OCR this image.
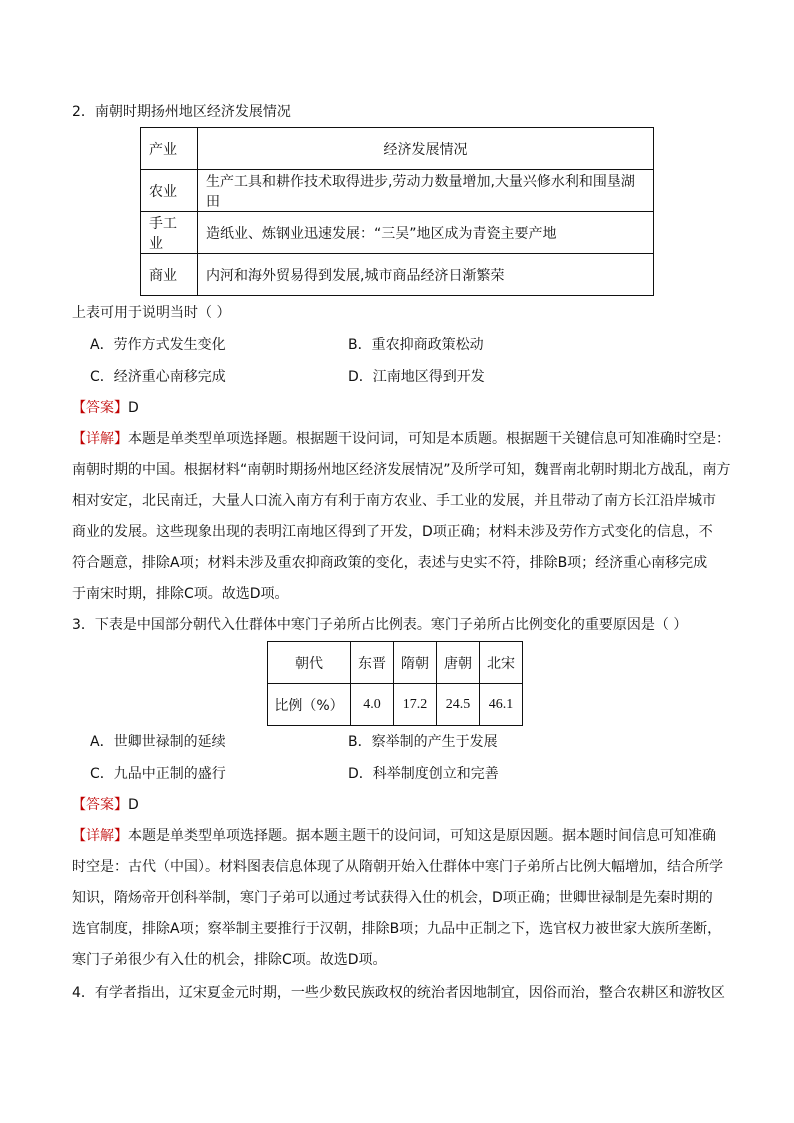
2．南朝时期扬州地区经济发展情况
产业	经济发展情况
农业	生产工具和耕作技术取得进步,劳动力数量增加,大量兴修水利和围垦湖田
手工业	造纸业、炼钢业迅速发展：“三吴”地区成为青瓷主要产地
商业	内河和海外贸易得到发展,城市商品经济日渐繁荣
上表可用于说明当时（ ）
A．劳作方式发生变化	B．重农抑商政策松动
C．经济重心南移完成	D．江南地区得到开发
【答案】D
【详解】本题是单类型单项选择题。根据题干设问词，可知是本质题。根据题干关键信息可知准确时空是：
南朝时期的中国。根据材料“南朝时期扬州地区经济发展情况”及所学可知，魏晋南北朝时期北方战乱，南方
相对安定，北民南迁，大量人口流入南方有利于南方农业、手工业的发展，并且带动了南方长江沿岸城市
商业的发展。这些现象出现的表明江南地区得到了开发，D项正确；材料未涉及劳作方式变化的信息，不
符合题意，排除A项；材料未涉及重农抑商政策的变化，表述与史实不符，排除B项；经济重心南移完成
于南宋时期，排除C项。故选D项。
3．下表是中国部分朝代入仕群体中寒门子弟所占比例表。寒门子弟所占比例变化的重要原因是（ ）
朝代	东晋	隋朝	唐朝	北宋
比例（%）	4.0	17.2	24.5	46.1
A．世卿世禄制的延续	B．察举制的产生于发展
C．九品中正制的盛行	D．科举制度创立和完善
【答案】D
【详解】本题是单类型单项选择题。据本题主题干的设问词，可知这是原因题。据本题时间信息可知准确
时空是：古代（中国）。材料图表信息体现了从隋朝开始入仕群体中寒门子弟所占比例大幅增加，结合所学
知识，隋炀帝开创科举制，寒门子弟可以通过考试获得入仕的机会，D项正确；世卿世禄制是先秦时期的
选官制度，排除A项；察举制主要推行于汉朝，排除B项；九品中正制之下，选官权力被世家大族所垄断，
寒门子弟很少有入仕的机会，排除C项。故选D项。
4．有学者指出，辽宋夏金元时期，一些少数民族政权的统治者因地制宜，因俗而治，整合农耕区和游牧区
